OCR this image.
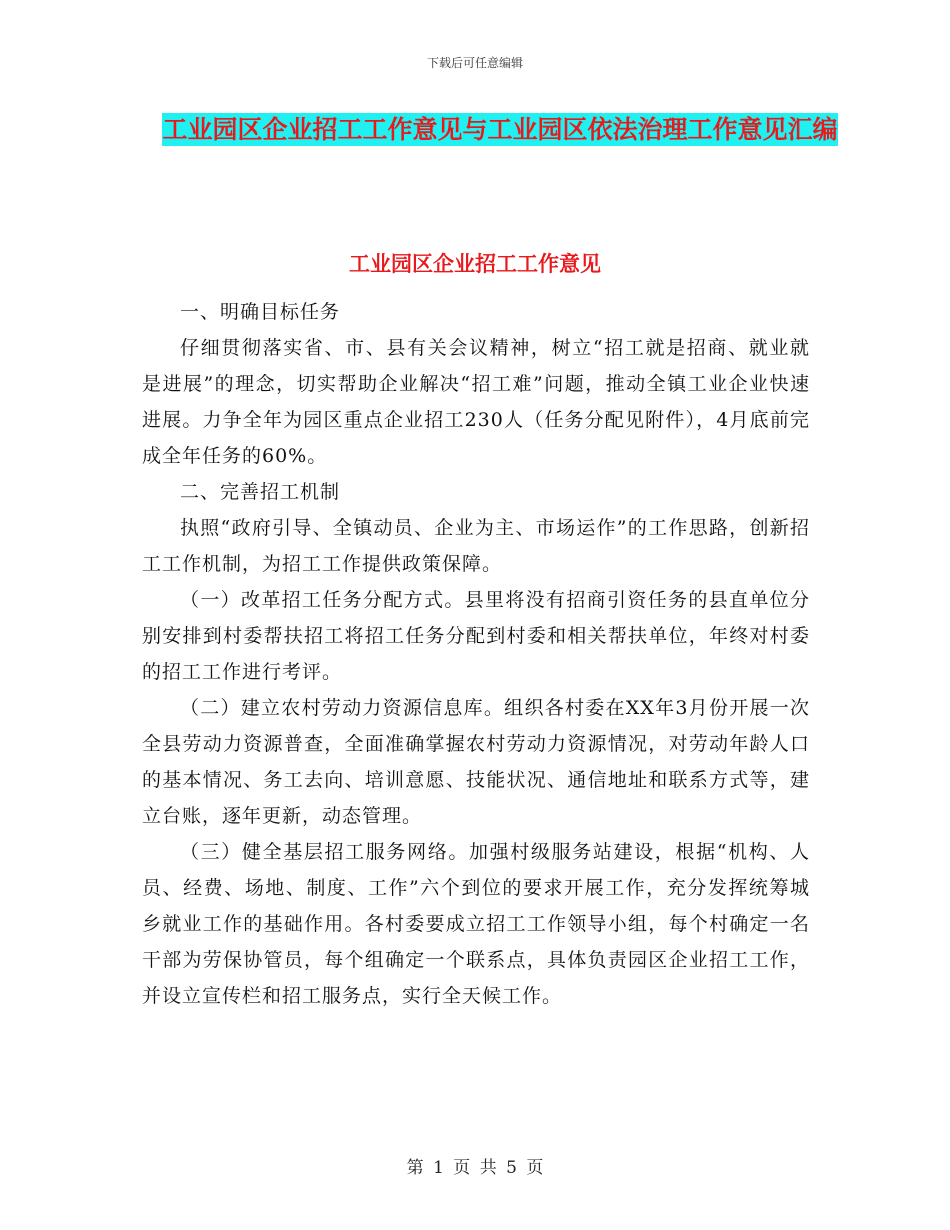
下载后可任意编辑
工业园区企业招工工作意见与工业园区依法治理工作意见汇编
工业园区企业招工工作意见

一、明确目标任务

仔细贯彻落实省、市、县有关会议精神，树立“招工就是招商、就业就是进展”的理念，切实帮助企业解决“招工难”问题，推动全镇工业企业快速进展。力争全年为园区重点企业招工230人（任务分配见附件），4月底前完成全年任务的60%。

二、完善招工机制

执照“政府引导、全镇动员、企业为主、市场运作”的工作思路，创新招工工作机制，为招工工作提供政策保障。

（一）改革招工任务分配方式。县里将没有招商引资任务的县直单位分别安排到村委帮扶招工将招工任务分配到村委和相关帮扶单位，年终对村委的招工工作进行考评。

（二）建立农村劳动力资源信息库。组织各村委在XX年3月份开展一次全县劳动力资源普查，全面准确掌握农村劳动力资源情况，对劳动年龄人口的基本情况、务工去向、培训意愿、技能状况、通信地址和联系方式等，建立台账，逐年更新，动态管理。

（三）健全基层招工服务网络。加强村级服务站建设，根据“机构、人员、经费、场地、制度、工作”六个到位的要求开展工作，充分发挥统筹城乡就业工作的基础作用。各村委要成立招工工作领导小组，每个村确定一名干部为劳保协管员，每个组确定一个联系点，具体负责园区企业招工工作，并设立宣传栏和招工服务点，实行全天候工作。

第 1 页 共 5 页
